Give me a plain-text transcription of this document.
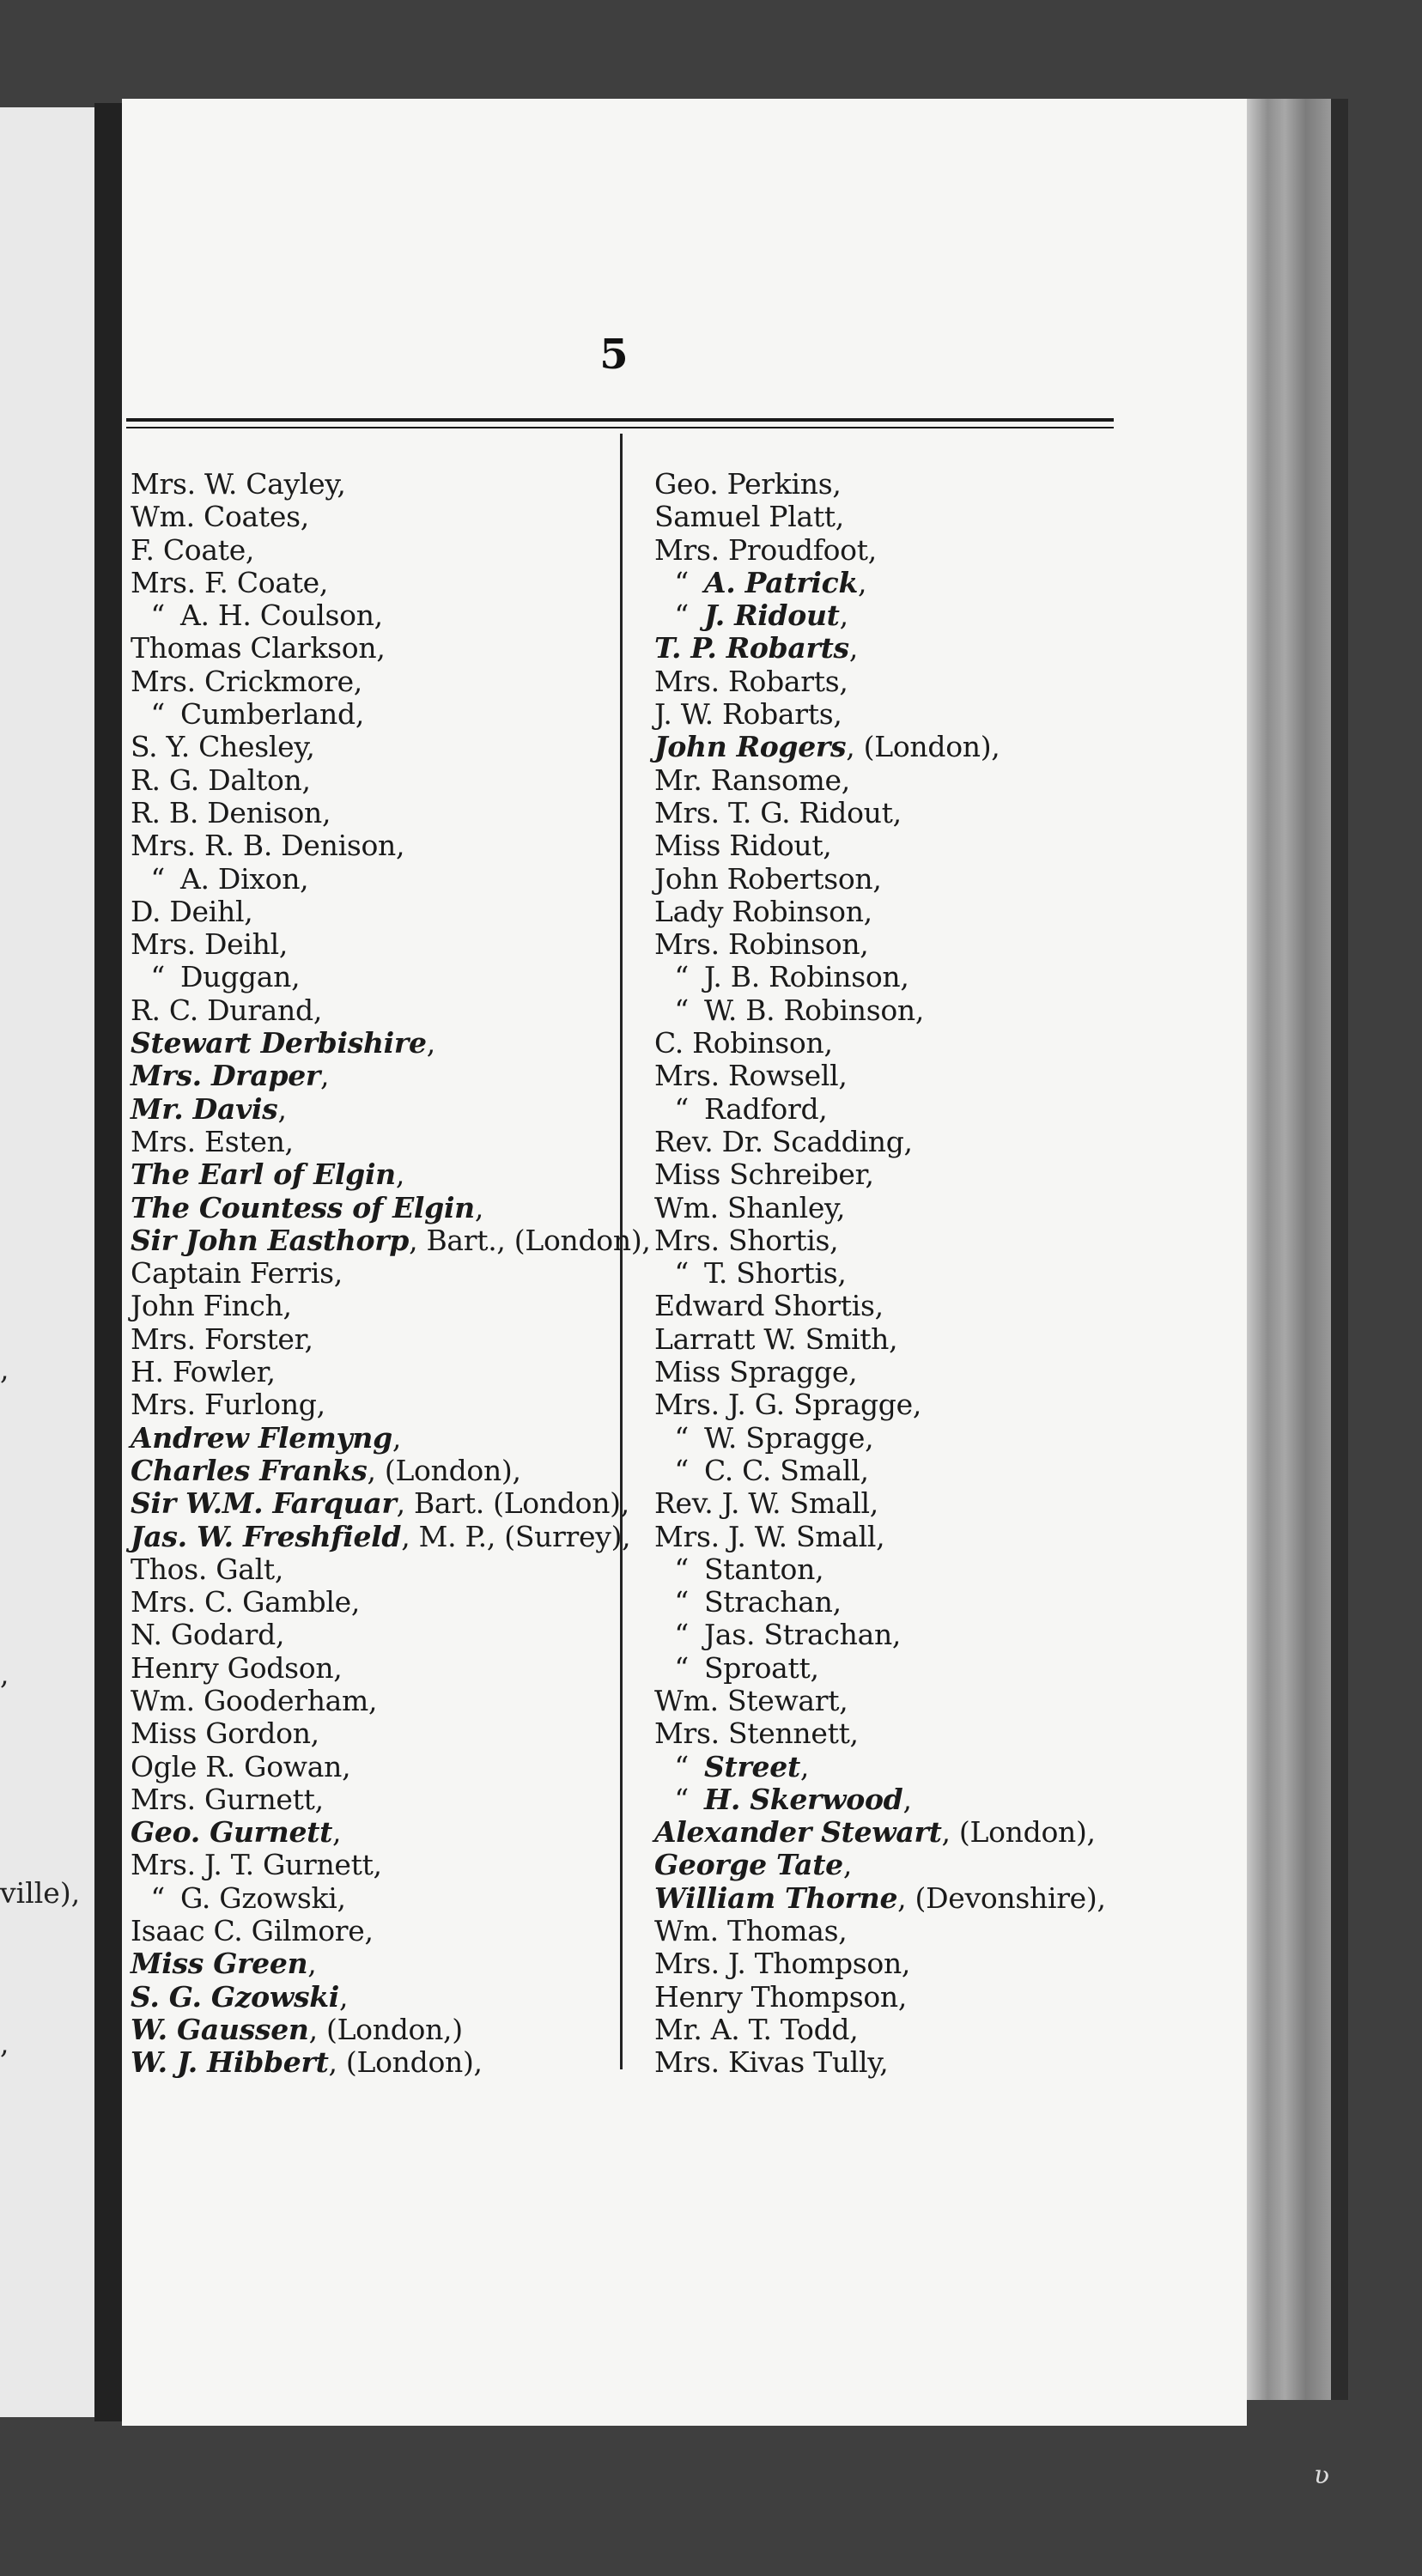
,
,
ville),
,
5
Mrs. W. Cayley,
Wm. Coates,
F. Coate,
Mrs. F. Coate,
“ A. H. Coulson,
Thomas Clarkson,
Mrs. Crickmore,
“ Cumberland,
S. Y. Chesley,
R. G. Dalton,
R. B. Denison,
Mrs. R. B. Denison,
“ A. Dixon,
D. Deihl,
Mrs. Deihl,
“ Duggan,
R. C. Durand,
Stewart Derbishire,
Mrs. Draper,
Mr. Davis,
Mrs. Esten,
The Earl of Elgin,
The Countess of Elgin,
Sir John Easthorp, Bart., (London),
Captain Ferris,
John Finch,
Mrs. Forster,
H. Fowler,
Mrs. Furlong,
Andrew Flemyng,
Charles Franks, (London),
Sir W.M. Farquar, Bart. (London),
Jas. W. Freshfield, M. P., (Surrey),
Thos. Galt,
Mrs. C. Gamble,
N. Godard,
Henry Godson,
Wm. Gooderham,
Miss Gordon,
Ogle R. Gowan,
Mrs. Gurnett,
Geo. Gurnett,
Mrs. J. T. Gurnett,
“ G. Gzowski,
Isaac C. Gilmore,
Miss Green,
S. G. Gzowski,
W. Gaussen, (London,)
W. J. Hibbert, (London),
Geo. Perkins,
Samuel Platt,
Mrs. Proudfoot,
“ A. Patrick,
“ J. Ridout,
T. P. Robarts,
Mrs. Robarts,
J. W. Robarts,
John Rogers, (London),
Mr. Ransome,
Mrs. T. G. Ridout,
Miss Ridout,
John Robertson,
Lady Robinson,
Mrs. Robinson,
“ J. B. Robinson,
“ W. B. Robinson,
C. Robinson,
Mrs. Rowsell,
“ Radford,
Rev. Dr. Scadding,
Miss Schreiber,
Wm. Shanley,
Mrs. Shortis,
“ T. Shortis,
Edward Shortis,
Larratt W. Smith,
Miss Spragge,
Mrs. J. G. Spragge,
“ W. Spragge,
“ C. C. Small,
Rev. J. W. Small,
Mrs. J. W. Small,
“ Stanton,
“ Strachan,
“ Jas. Strachan,
“ Sproatt,
Wm. Stewart,
Mrs. Stennett,
“ Street,
“ H. Skerwood,
Alexander Stewart, (London),
George Tate,
William Thorne, (Devonshire),
Wm. Thomas,
Mrs. J. Thompson,
Henry Thompson,
Mr. A. T. Todd,
Mrs. Kivas Tully,
ʋ
